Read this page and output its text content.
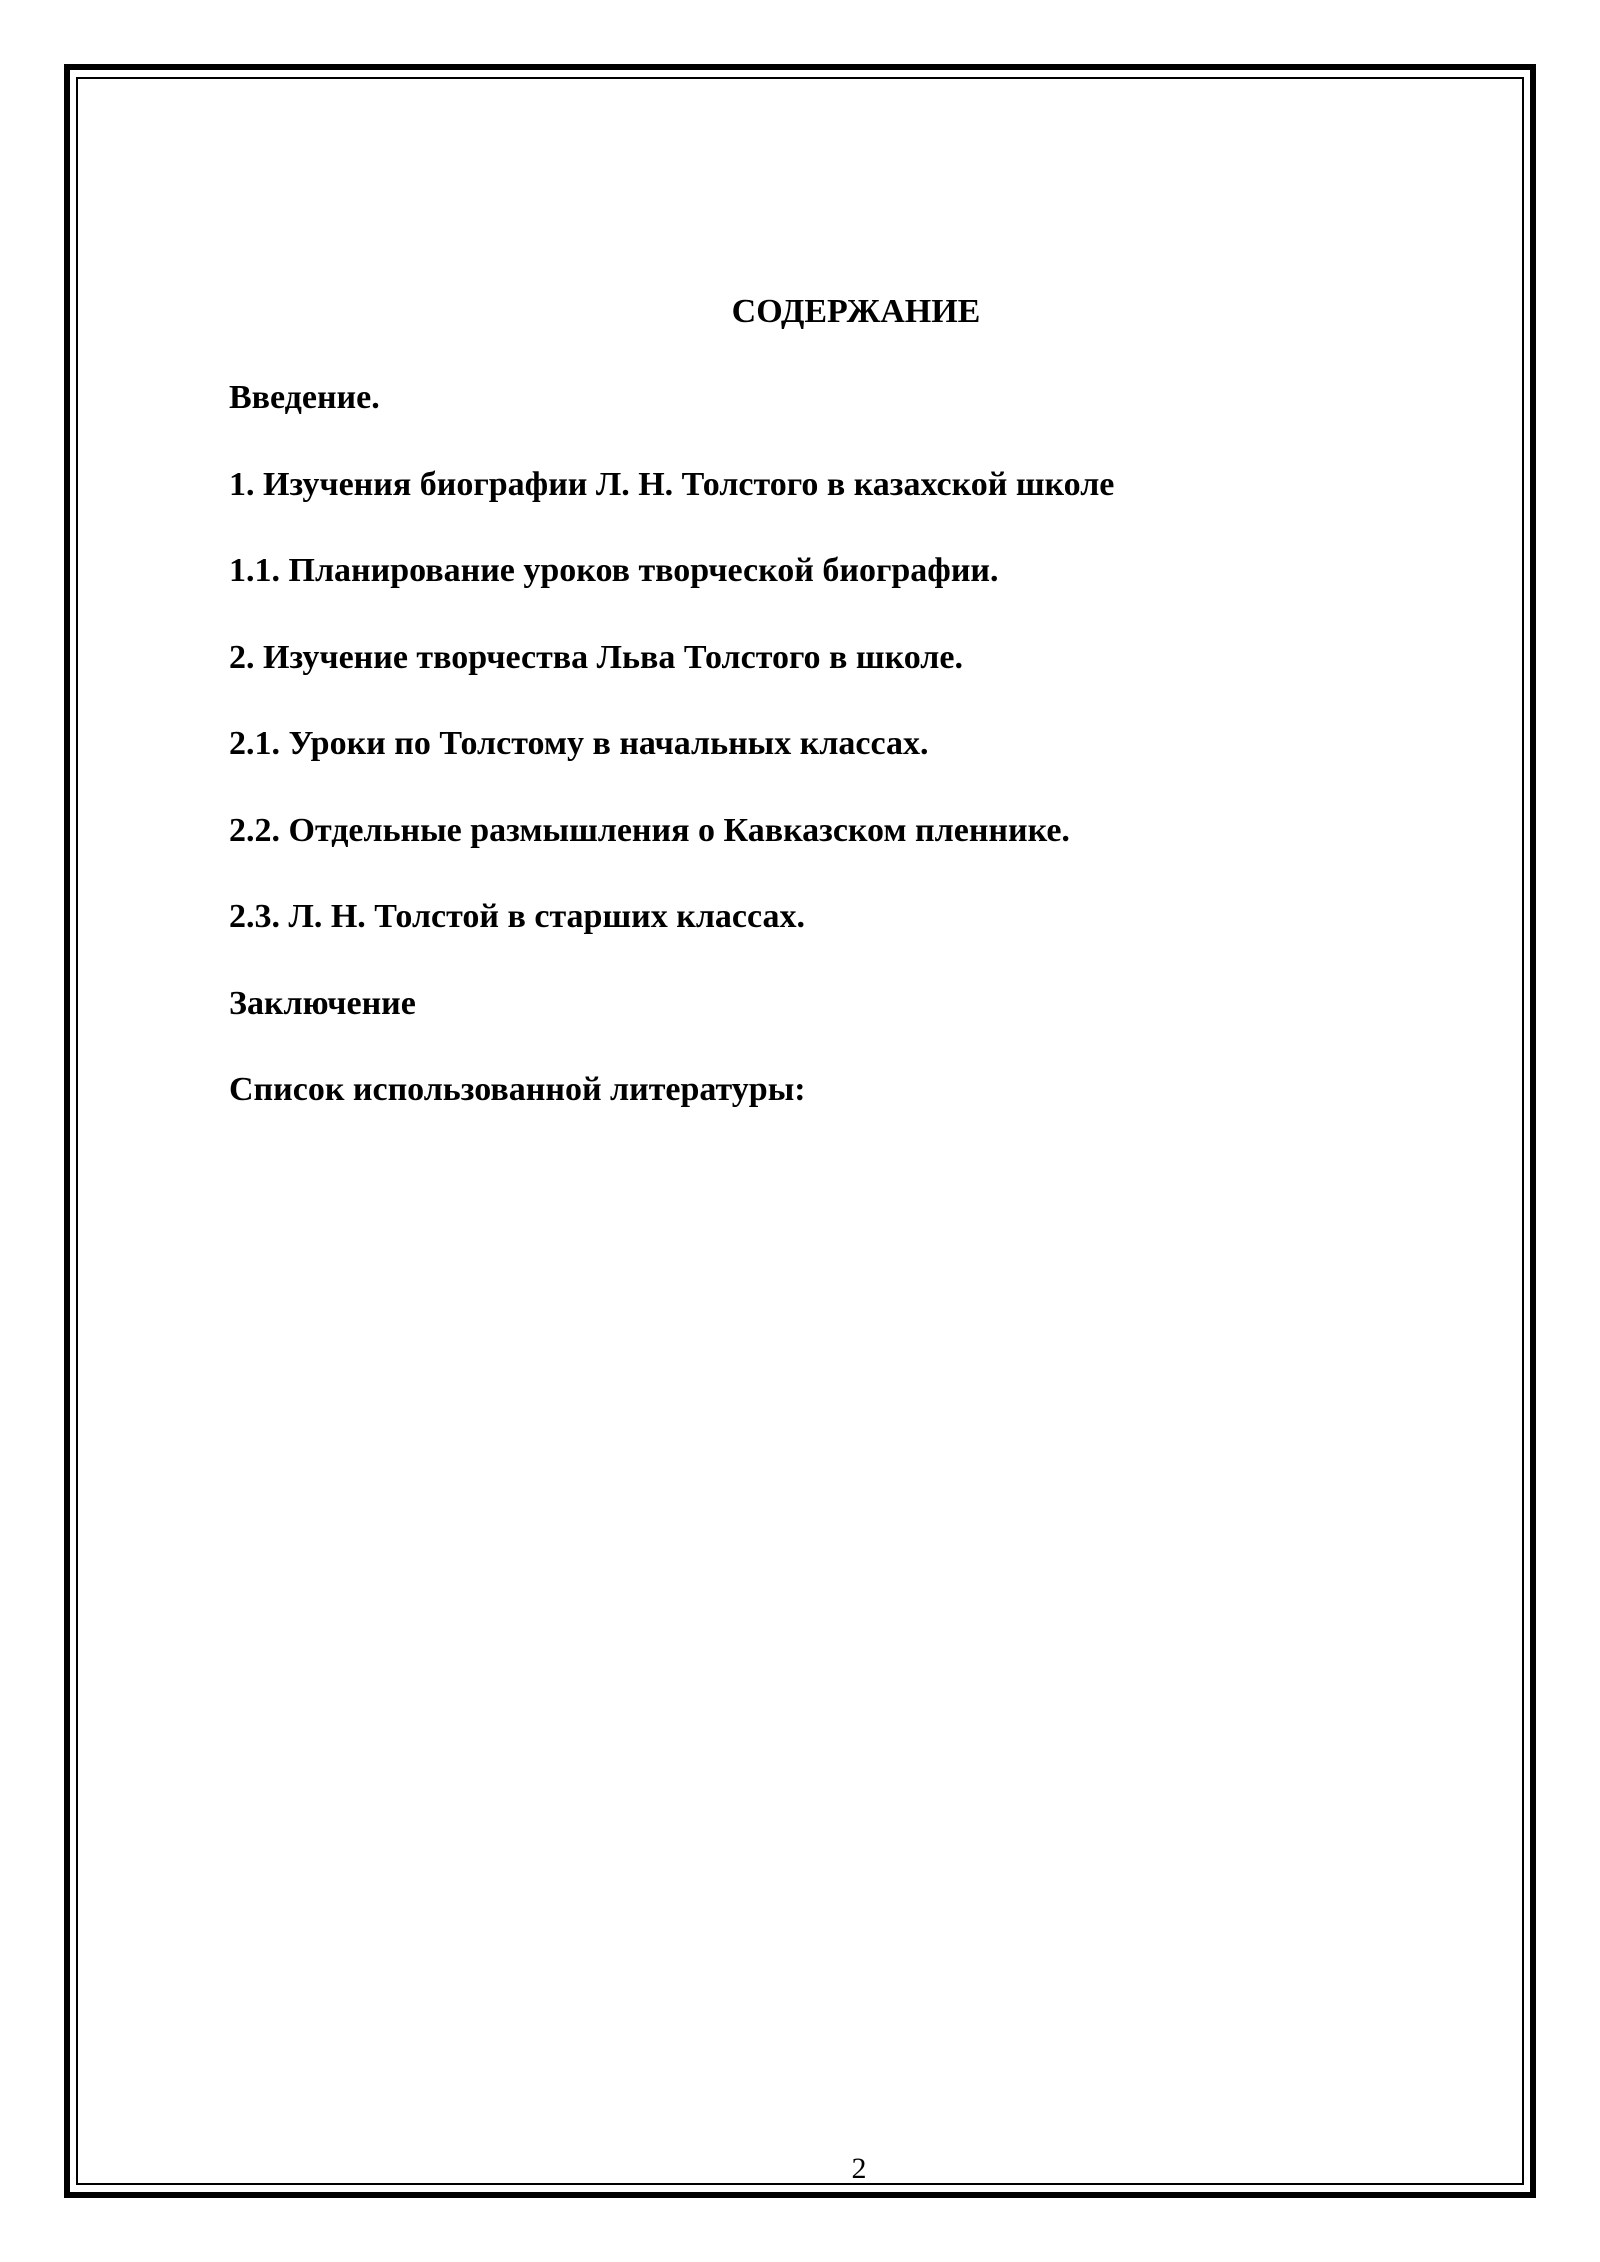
СОДЕРЖАНИЕ
Введение.
1. Изучения биографии Л. Н. Толстого в казахской школе
1.1. Планирование уроков творческой биографии.
2. Изучение творчества Льва Толстого в школе.
2.1. Уроки по Толстому в начальных классах.
2.2. Отдельные размышления о Кавказском пленнике.
2.3. Л. Н. Толстой в старших классах.
Заключение
Список использованной литературы:
2
